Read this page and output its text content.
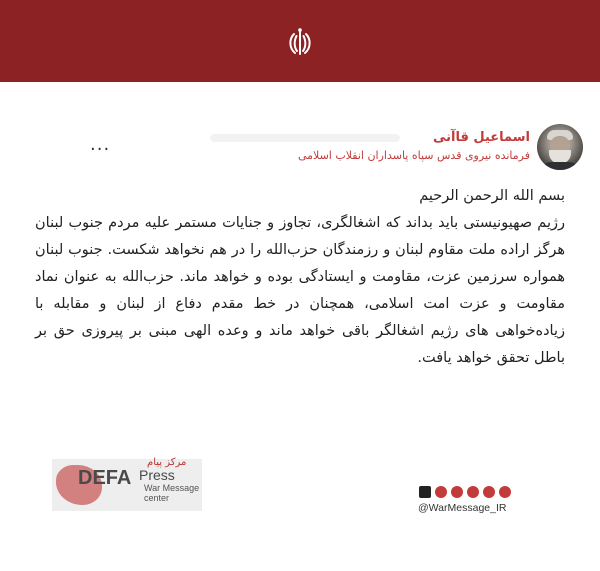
...	اسماعیل قاآنی
فرمانده نیروی قدس سپاه پاسداران انقلاب اسلامی

بسم الله الرحمن الرحیم

رژیم صهیونیستی باید بداند که اشغالگری، تجاوز و جنایات مستمر علیه مردم جنوب لبنان هرگز اراده ملت مقاوم لبنان و رزمندگان حزب‌الله را در هم نخواهد شکست. جنوب لبنان همواره سرزمین عزت، مقاومت و ایستادگی بوده و خواهد ماند. حزب‌الله به عنوان نماد مقاومت و عزت امت اسلامی، همچنان در خط مقدم دفاع از لبنان و مقابله با زیاده‌خواهی های رژیم اشغالگر باقی خواهد ماند و وعده الهی مبنی بر پیروزی حق بر باطل تحقق خواهد یافت.

DEFA Press
مرکز پیام
War Message
center
@WarMessage_IR
